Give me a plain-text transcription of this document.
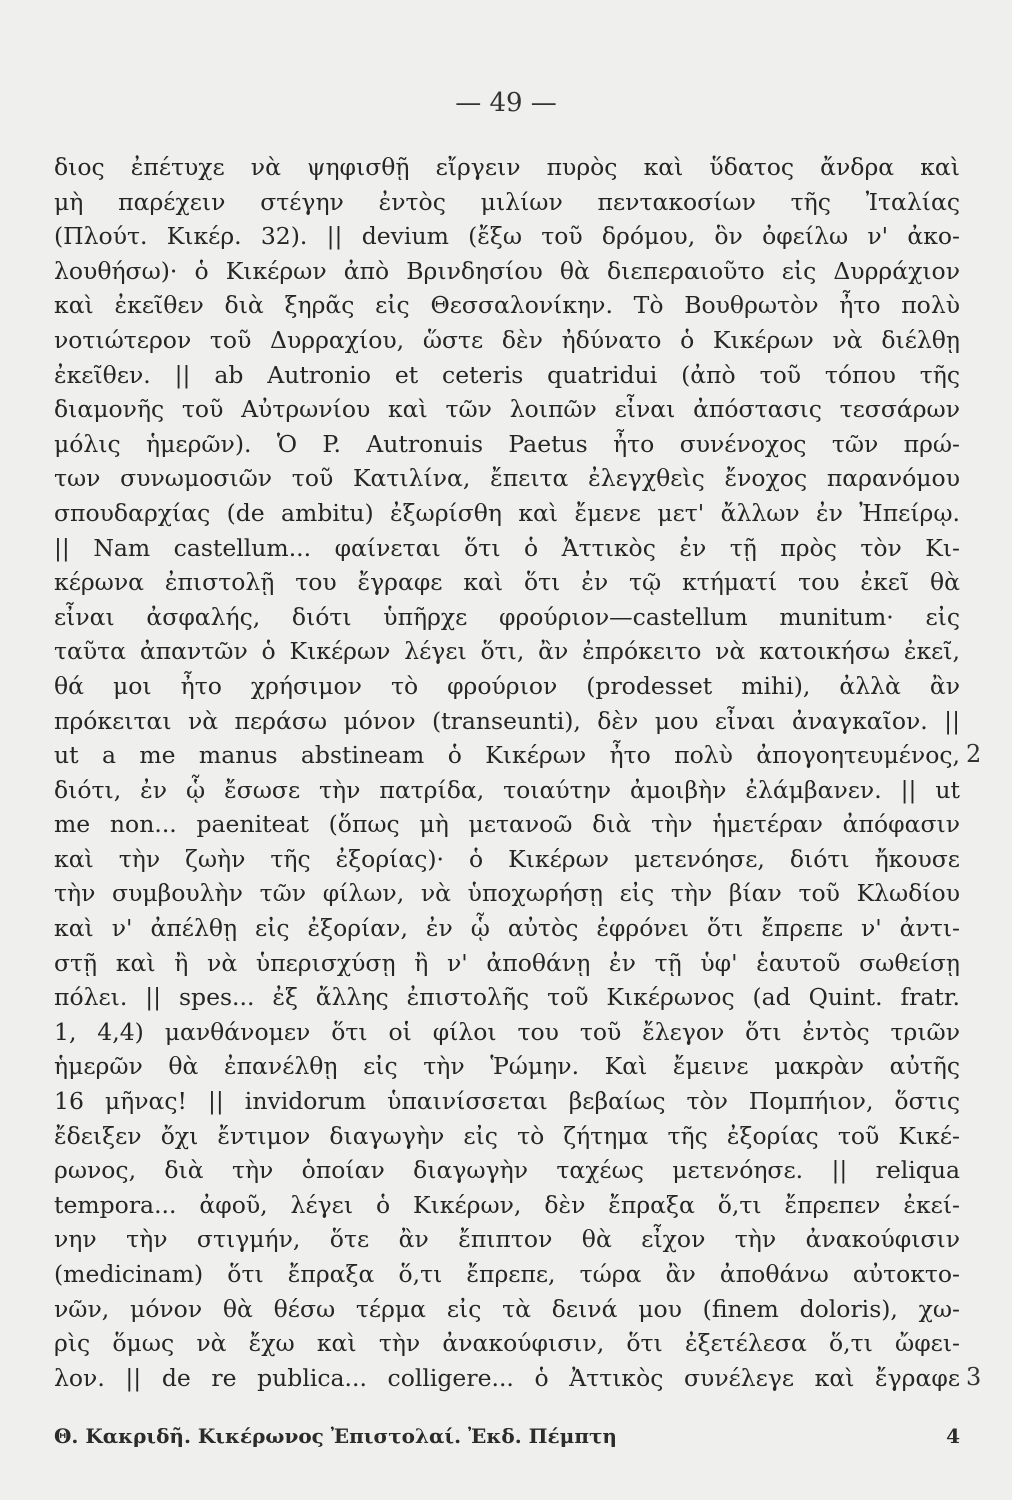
— 49 —
διος ἐπέτυχε νὰ ψηφισθῇ εἴργειν πυρὸς καὶ ὕδατος ἄνδρα καὶ
μὴ παρέχειν στέγην ἐντὸς μιλίων πεντακοσίων τῆς Ἰταλίας
(Πλούτ. Κικέρ. 32). || devium (ἔξω τοῦ δρόμου, ὃν ὀφείλω ν' ἀκο-
λουθήσω)· ὁ Κικέρων ἀπὸ Βρινδησίου θὰ διεπεραιοῦτο εἰς Δυρράχιον
καὶ ἐκεῖθεν διὰ ξηρᾶς εἰς Θεσσαλονίκην. Τὸ Βουθρωτὸν ἦτο πολὺ
νοτιώτερον τοῦ Δυρραχίου, ὥστε δὲν ἠδύνατο ὁ Κικέρων νὰ διέλθῃ
ἐκεῖθεν. || ab Autronio et ceteris quatridui (ἀπὸ τοῦ τόπου τῆς
διαμονῆς τοῦ Αὐτρωνίου καὶ τῶν λοιπῶν εἶναι ἀπόστασις τεσσάρων
μόλις ἡμερῶν). Ὁ P. Autronuis Paetus ἦτο συνένοχος τῶν πρώ-
των συνωμοσιῶν τοῦ Κατιλίνα, ἔπειτα ἐλεγχθεὶς ἔνοχος παρανόμου
σπουδαρχίας (de ambitu) ἐξωρίσθη καὶ ἔμενε μετ' ἄλλων ἐν Ἠπείρῳ.
|| Nam castellum... φαίνεται ὅτι ὁ Ἀττικὸς ἐν τῇ πρὸς τὸν Κι-
κέρωνα ἐπιστολῇ του ἔγραφε καὶ ὅτι ἐν τῷ κτήματί του ἐκεῖ θὰ
εἶναι ἀσφαλής, διότι ὑπῆρχε φρούριον—castellum munitum· εἰς
ταῦτα ἀπαντῶν ὁ Κικέρων λέγει ὅτι, ἂν ἐπρόκειτο νὰ κατοικήσω ἐκεῖ,
θά μοι ἦτο χρήσιμον τὸ φρούριον (prodesset mihi), ἀλλὰ ἂν
πρόκειται νὰ περάσω μόνον (transeunti), δὲν μου εἶναι ἀναγκαῖον. ||
ut a me manus abstineam ὁ Κικέρων ἦτο πολὺ ἀπογοητευμένος,
διότι, ἐν ᾧ ἔσωσε τὴν πατρίδα, τοιαύτην ἀμοιβὴν ἐλάμβανεν. || ut
me non... paeniteat (ὅπως μὴ μετανοῶ διὰ τὴν ἡμετέραν ἀπόφασιν
καὶ τὴν ζωὴν τῆς ἐξορίας)· ὁ Κικέρων μετενόησε, διότι ἤκουσε
τὴν συμβουλὴν τῶν φίλων, νὰ ὑποχωρήσῃ εἰς τὴν βίαν τοῦ Κλωδίου
καὶ ν' ἀπέλθῃ εἰς ἐξορίαν, ἐν ᾧ αὐτὸς ἐφρόνει ὅτι ἔπρεπε ν' ἀντι-
στῇ καὶ ἢ νὰ ὑπερισχύσῃ ἢ ν' ἀποθάνῃ ἐν τῇ ὑφ' ἑαυτοῦ σωθείσῃ
πόλει. || spes... ἐξ ἄλλης ἐπιστολῆς τοῦ Κικέρωνος (ad Quint. fratr.
1, 4,4) μανθάνομεν ὅτι οἱ φίλοι του τοῦ ἔλεγον ὅτι ἐντὸς τριῶν
ἡμερῶν θὰ ἐπανέλθῃ εἰς τὴν Ῥώμην. Καὶ ἔμεινε μακρὰν αὐτῆς
16 μῆνας! || invidorum ὑπαινίσσεται βεβαίως τὸν Πομπήιον, ὅστις
ἔδειξεν ὄχι ἔντιμον διαγωγὴν εἰς τὸ ζήτημα τῆς ἐξορίας τοῦ Κικέ-
ρωνος, διὰ τὴν ὁποίαν διαγωγὴν ταχέως μετενόησε. || reliqua
tempora... ἀφοῦ, λέγει ὁ Κικέρων, δὲν ἔπραξα ὅ,τι ἔπρεπεν ἐκεί-
νην τὴν στιγμήν, ὅτε ἂν ἔπιπτον θὰ εἶχον τὴν ἀνακούφισιν
(medicinam) ὅτι ἔπραξα ὅ,τι ἔπρεπε, τώρα ἂν ἀποθάνω αὐτοκτο-
νῶν, μόνον θὰ θέσω τέρμα εἰς τὰ δεινά μου (finem doloris), χω-
ρὶς ὅμως νὰ ἔχω καὶ τὴν ἀνακούφισιν, ὅτι ἐξετέλεσα ὅ,τι ὤφει-
λον. || de re publica... colligere... ὁ Ἀττικὸς συνέλεγε καὶ ἔγραφε
2
3
Θ. Κακριδῆ. Κικέρωνος Ἐπιστολαί. Ἐκδ. Πέμπτη	4
